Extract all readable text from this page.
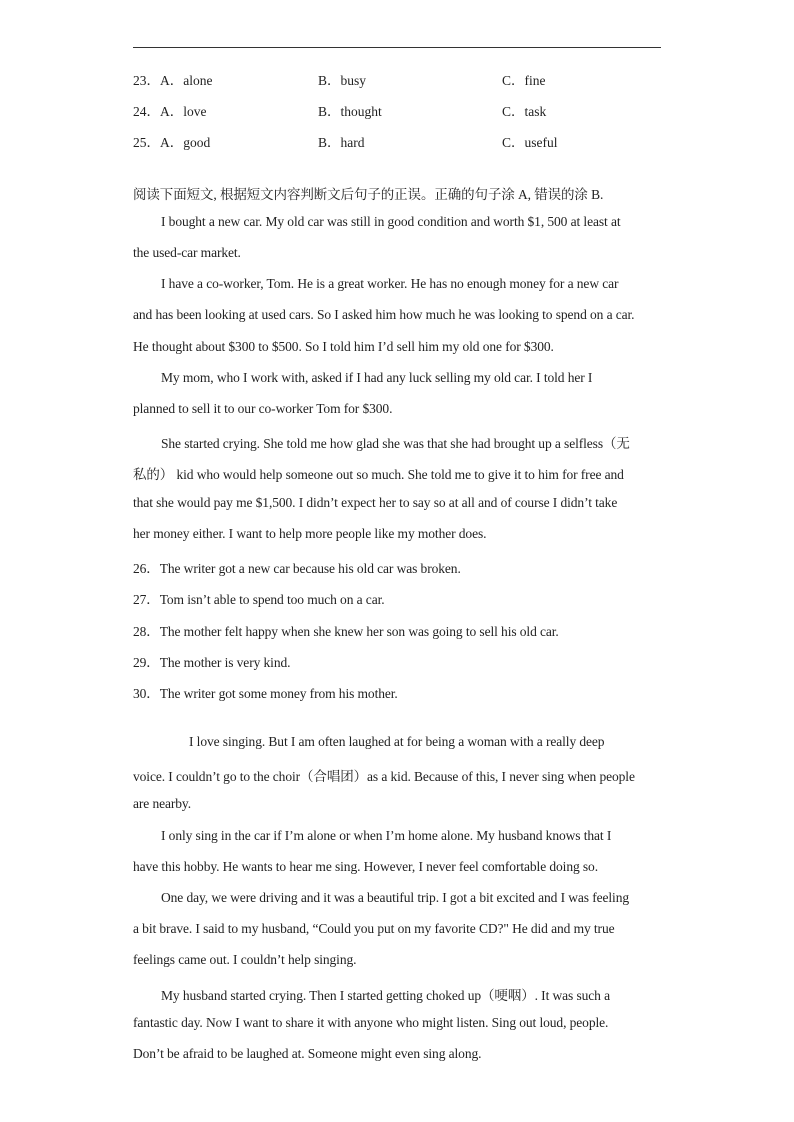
23．A．alone	B．busy	C．fine
24．A．love	B．thought	C．task
25．A．good	B．hard	C．useful
阅读下面短文, 根据短文内容判断文后句子的正误。正确的句子涂 A, 错误的涂 B.
I bought a new car. My old car was still in good condition and worth $1, 500 at least at
the used-car market.
I have a co-worker, Tom. He is a great worker. He has no enough money for a new car
and has been looking at used cars. So I asked him how much he was looking to spend on a car.
He thought about $300 to $500. So I told him I’d sell him my old one for $300.
My mom, who I work with, asked if I had any luck selling my old car. I told her I
planned to sell it to our co-worker Tom for $300.
She started crying. She told me how glad she was that she had brought up a selfless（无
私的） kid who would help someone out so much. She told me to give it to him for free and
that she would pay me $1,500. I didn’t expect her to say so at all and of course I didn’t take
her money either. I want to help more people like my mother does.
26．The writer got a new car because his old car was broken.
27．Tom isn’t able to spend too much on a car.
28．The mother felt happy when she knew her son was going to sell his old car.
29．The mother is very kind.
30．The writer got some money from his mother.
I love singing. But I am often laughed at for being a woman with a really deep
voice. I couldn’t go to the choir（合唱团）as a kid. Because of this, I never sing when people
are nearby.
I only sing in the car if I’m alone or when I’m home alone. My husband knows that I
have this hobby. He wants to hear me sing. However, I never feel comfortable doing so.
One day, we were driving and it was a beautiful trip. I got a bit excited and I was feeling
a bit brave. I said to my husband, “Could you put on my favorite CD?" He did and my true
feelings came out. I couldn’t help singing.
My husband started crying. Then I started getting choked up（哽咽）. It was such a
fantastic day. Now I want to share it with anyone who might listen. Sing out loud, people.
Don’t be afraid to be laughed at. Someone might even sing along.
